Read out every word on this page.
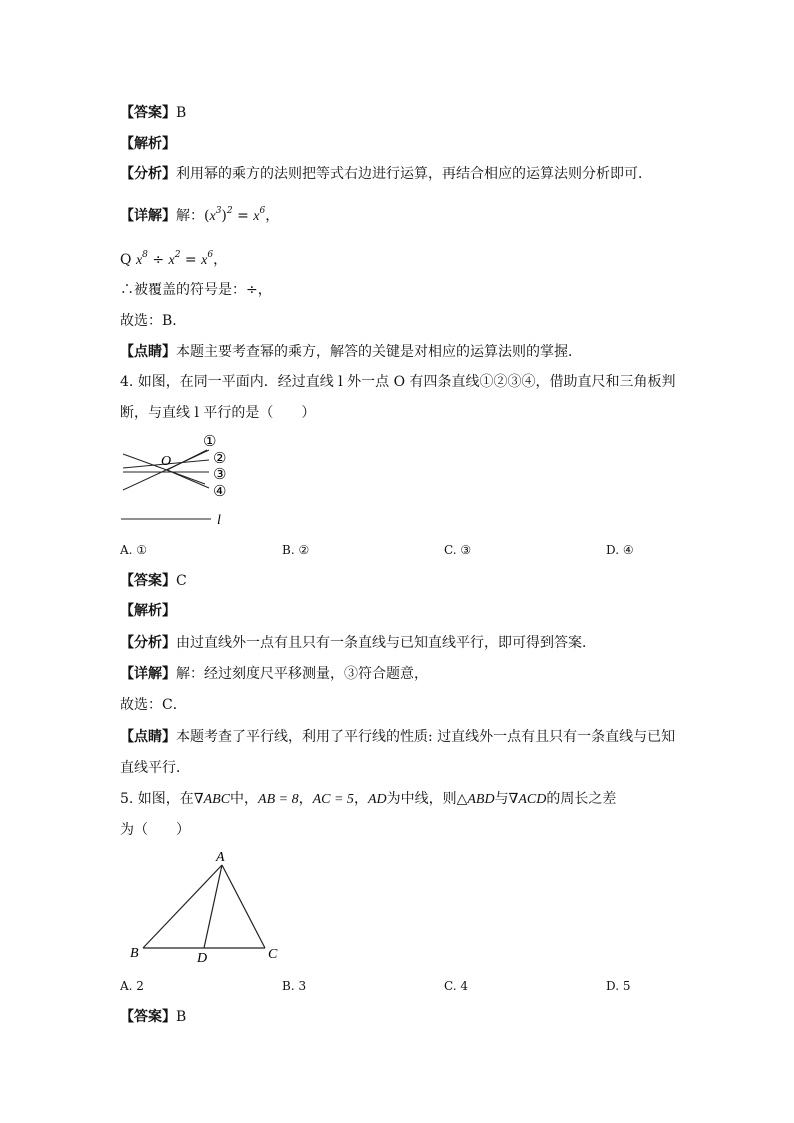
【答案】B
【解析】
【分析】利用幂的乘方的法则把等式右边进行运算，再结合相应的运算法则分析即可．
【详解】解：$(x^3)^2 = x^6$，
Q $x^8 \div x^2 = x^6$，
∴被覆盖的符号是：÷，
故选：B．
【点睛】本题主要考查幂的乘方，解答的关键是对相应的运算法则的掌握．
4. 如图，在同一平面内．经过直线 l 外一点 O 有四条直线①②③④，借助直尺和三角板判
断，与直线 l 平行的是（　　）
O
①
②
③
④
l
A. ①	B. ②	C. ③	D. ④
【答案】C
【解析】
【分析】由过直线外一点有且只有一条直线与已知直线平行，即可得到答案．
【详解】解：经过刻度尺平移测量，③符合题意，
故选：C．
【点睛】本题考查了平行线，利用了平行线的性质: 过直线外一点有且只有一条直线与已知
直线平行．
5. 如图，在∇ABC中，AB = 8，AC = 5，AD为中线，则△ABD与∇ACD的周长之差
为（　　）
A
B	C
D
A. 2	B. 3	C. 4	D. 5
【答案】B
